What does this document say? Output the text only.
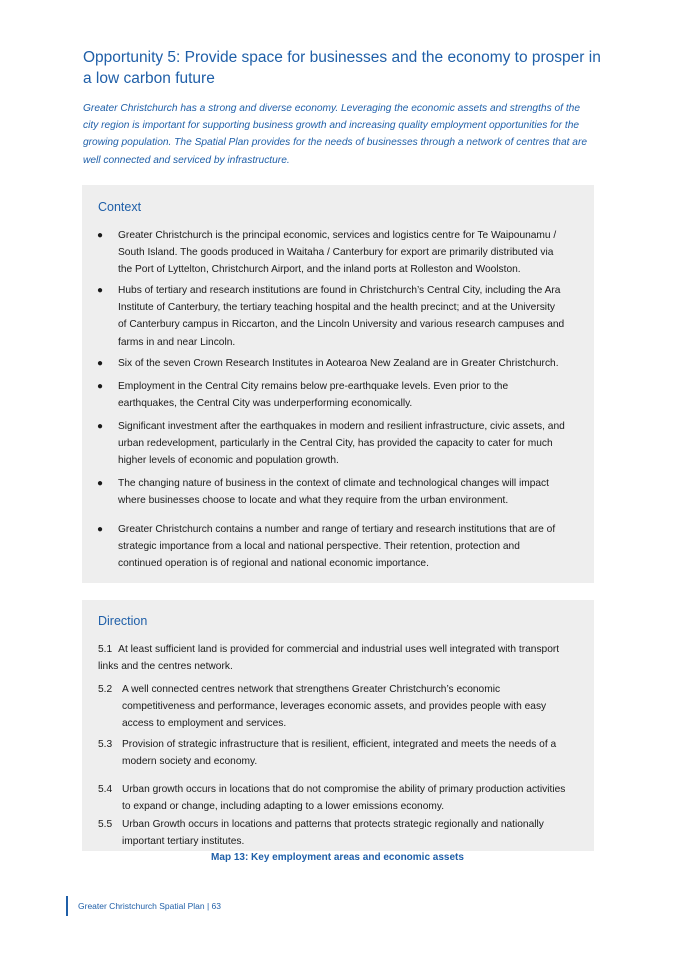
Opportunity 5: Provide space for businesses and the economy to prosper in a low carbon future
Greater Christchurch has a strong and diverse economy. Leveraging the economic assets and strengths of the city region is important for supporting business growth and increasing quality employment opportunities for the growing population. The Spatial Plan provides for the needs of businesses through a network of centres that are well connected and serviced by infrastructure.
Context
● Greater Christchurch is the principal economic, services and logistics centre for Te Waipounamu / South Island. The goods produced in Waitaha / Canterbury for export are primarily distributed via the Port of Lyttelton, Christchurch Airport, and the inland ports at Rolleston and Woolston.
● Hubs of tertiary and research institutions are found in Christchurch’s Central City, including the Ara Institute of Canterbury, the tertiary teaching hospital and the health precinct; and at the University of Canterbury campus in Riccarton, and the Lincoln University and various research campuses and farms in and near Lincoln.
● Six of the seven Crown Research Institutes in Aotearoa New Zealand are in Greater Christchurch.
● Employment in the Central City remains below pre-earthquake levels. Even prior to the earthquakes, the Central City was underperforming economically.
● Significant investment after the earthquakes in modern and resilient infrastructure, civic assets, and urban redevelopment, particularly in the Central City, has provided the capacity to cater for much higher levels of economic and population growth.
● The changing nature of business in the context of climate and technological changes will impact where businesses choose to locate and what they require from the urban environment.
● Greater Christchurch contains a number and range of tertiary and research institutions that are of strategic importance from a local and national perspective. Their retention, protection and continued operation is of regional and national economic importance.
Direction
5.1 At least sufficient land is provided for commercial and industrial uses well integrated with transport links and the centres network.
5.2 A well connected centres network that strengthens Greater Christchurch’s economic competitiveness and performance, leverages economic assets, and provides people with easy access to employment and services.
5.3 Provision of strategic infrastructure that is resilient, efficient, integrated and meets the needs of a modern society and economy.
5.4 Urban growth occurs in locations that do not compromise the ability of primary production activities to expand or change, including adapting to a lower emissions economy.
5.5 Urban Growth occurs in locations and patterns that protects strategic regionally and nationally important tertiary institutes.
Map 13: Key employment areas and economic assets
Greater Christchurch Spatial Plan | 63
